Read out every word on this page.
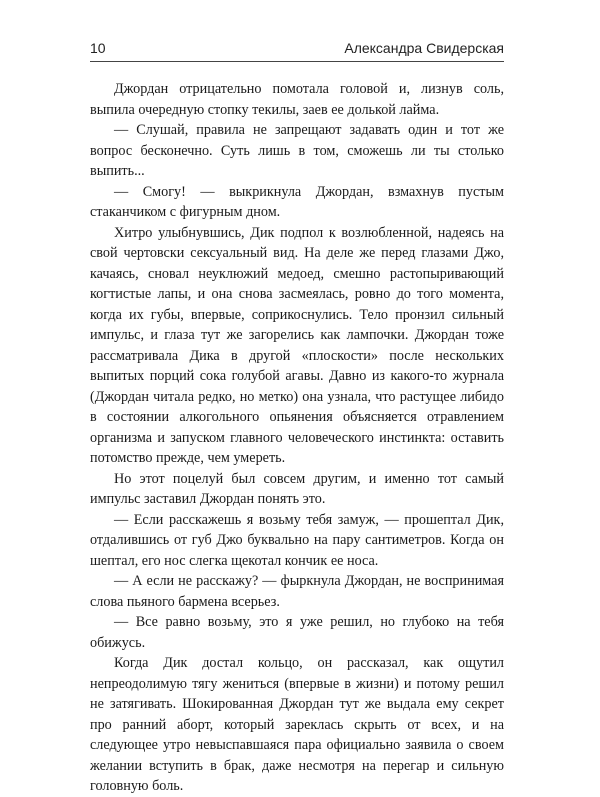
10	Александра Свидерская

Джордан отрицательно помотала головой и, лизнув соль, выпила очередную стопку текилы, заев ее долькой лайма.

— Слушай, правила не запрещают задавать один и тот же вопрос бесконечно. Суть лишь в том, сможешь ли ты столько выпить...

— Смогу! — выкрикнула Джордан, взмахнув пустым стаканчиком с фигурным дном.

Хитро улыбнувшись, Дик подпол к возлюбленной, надеясь на свой чертовски сексуальный вид. На деле же перед глазами Джо, качаясь, сновал неуклюжий медоед, смешно растопыривающий когтистые лапы, и она снова засмеялась, ровно до того момента, когда их губы, впервые, соприкоснулись. Тело пронзил сильный импульс, и глаза тут же загорелись как лампочки. Джордан тоже рассматривала Дика в другой «плоскости» после нескольких выпитых порций сока голубой агавы. Давно из какого-то журнала (Джордан читала редко, но метко) она узнала, что растущее либидо в состоянии алкогольного опьянения объясняется отравлением организма и запуском главного человеческого инстинкта: оставить потомство прежде, чем умереть.

Но этот поцелуй был совсем другим, и именно тот самый импульс заставил Джордан понять это.

— Если расскажешь я возьму тебя замуж, — прошептал Дик, отдалившись от губ Джо буквально на пару сантиметров. Когда он шептал, его нос слегка щекотал кончик ее носа.

— А если не расскажу? — фыркнула Джордан, не воспринимая слова пьяного бармена всерьез.

— Все равно возьму, это я уже решил, но глубоко на тебя обижусь.

Когда Дик достал кольцо, он рассказал, как ощутил непреодолимую тягу жениться (впервые в жизни) и потому решил не затягивать. Шокированная Джордан тут же выдала ему секрет про ранний аборт, который зареклась скрыть от всех, и на следующее утро невыспавшаяся пара официально заявила о своем желании вступить в брак, даже несмотря на перегар и сильную головную боль.
